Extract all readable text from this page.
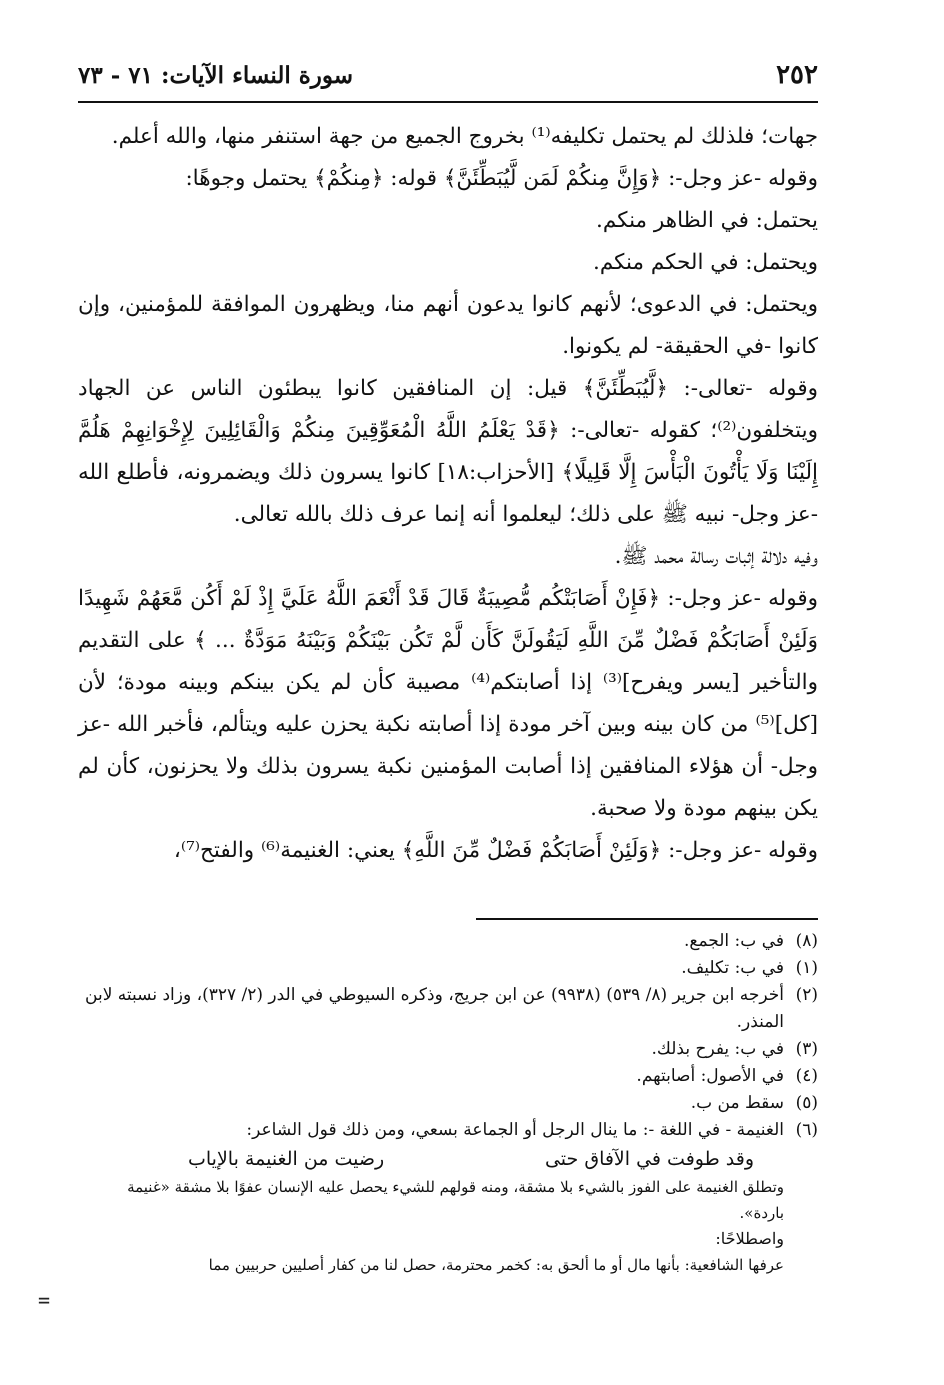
٢٥٢
سورة النساء الآيات: ٧١ - ٧٣

جهات؛ فلذلك لم يحتمل تكليفه⁽¹⁾ بخروج الجميع من جهة استنفر منها، والله أعلم.

وقوله -عز وجل-: ﴿وَإِنَّ مِنكُمْ لَمَن لَّيُبَطِّئَنَّ﴾ قوله: ﴿مِنكُمْ﴾ يحتمل وجوهًا:

يحتمل: في الظاهر منكم.

ويحتمل: في الحكم منكم.

ويحتمل: في الدعوى؛ لأنهم كانوا يدعون أنهم منا، ويظهرون الموافقة للمؤمنين، وإن كانوا -في الحقيقة- لم يكونوا.

وقوله -تعالى-: ﴿لَّيُبَطِّئَنَّ﴾ قيل: إن المنافقين كانوا يبطئون الناس عن الجهاد ويتخلفون⁽²⁾؛ كقوله -تعالى-: ﴿قَدْ يَعْلَمُ اللَّهُ الْمُعَوِّقِينَ مِنكُمْ وَالْقَائِلِينَ لِإِخْوَانِهِمْ هَلُمَّ إِلَيْنَا وَلَا يَأْتُونَ الْبَأْسَ إِلَّا قَلِيلًا﴾ [الأحزاب:١٨] كانوا يسرون ذلك ويضمرونه، فأطلع الله -عز وجل- نبيه ﷺ على ذلك؛ ليعلموا أنه إنما عرف ذلك بالله تعالى.

وفيه دلالة إثبات رسالة محمد ﷺ.

وقوله -عز وجل-: ﴿فَإِنْ أَصَابَتْكُم مُّصِيبَةٌ قَالَ قَدْ أَنْعَمَ اللَّهُ عَلَيَّ إِذْ لَمْ أَكُن مَّعَهُمْ شَهِيدًا وَلَئِنْ أَصَابَكُمْ فَضْلٌ مِّنَ اللَّهِ لَيَقُولَنَّ كَأَن لَّمْ تَكُن بَيْنَكُمْ وَبَيْنَهُ مَوَدَّةٌ ... ﴾ على التقديم والتأخير [يسر ويفرح]⁽³⁾ إذا أصابتكم⁽⁴⁾ مصيبة كأن لم يكن بينكم وبينه مودة؛ لأن [كل]⁽⁵⁾ من كان بينه وبين آخر مودة إذا أصابته نكبة يحزن عليه ويتألم، فأخبر الله -عز وجل- أن هؤلاء المنافقين إذا أصابت المؤمنين نكبة يسرون بذلك ولا يحزنون، كأن لم يكن بينهم مودة ولا صحبة.

وقوله -عز وجل-: ﴿وَلَئِنْ أَصَابَكُمْ فَضْلٌ مِّنَ اللَّهِ﴾ يعني: الغنيمة⁽⁶⁾ والفتح⁽⁷⁾،

(٨)
في ب: الجمع.

(١)
في ب: تكليف.

(٢)
أخرجه ابن جرير (٨/ ٥٣٩) (٩٩٣٨) عن ابن جريج، وذكره السيوطي في الدر (٢/ ٣٢٧)، وزاد نسبته لابن المنذر.

(٣)
في ب: يفرح بذلك.

(٤)
في الأصول: أصابتهم.

(٥)
سقط من ب.

(٦)
الغنيمة - في اللغة -: ما ينال الرجل أو الجماعة بسعي، ومن ذلك قول الشاعر:

وقد طوفت في الآفاق حتى
رضيت من الغنيمة بالإياب

وتطلق الغنيمة على الفوز بالشيء بلا مشقة، ومنه قولهم للشيء يحصل عليه الإنسان عفوًا بلا مشقة «غنيمة باردة».

واصطلاحًا:

عرفها الشافعية: بأنها مال أو ما ألحق به: كخمر محترمة، حصل لنا من كفار أصليين حربيين مما

=
